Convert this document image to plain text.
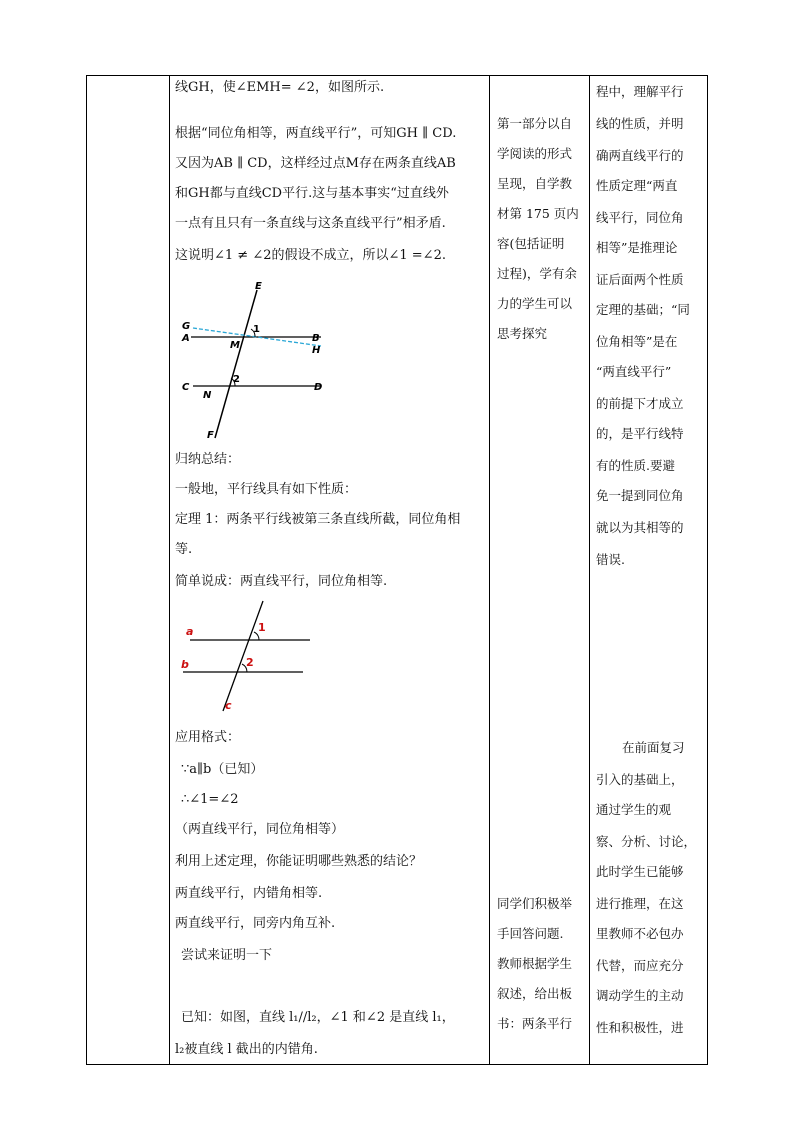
线GH，使∠EMH= ∠2，如图所示.
根据“同位角相等，两直线平行”，可知GH ∥ CD.
又因为AB ∥ CD，这样经过点M存在两条直线AB
和GH都与直线CD平行.这与基本事实“过直线外
一点有且只有一条直线与这条直线平行”相矛盾.
这说明∠1 ≠ ∠2的假设不成立，所以∠1 =∠2.
E
G
A
1
M
B
H
C
2
D
N
F
归纳总结：
一般地，平行线具有如下性质：
定理 1：两条平行线被第三条直线所截，同位角相
等.
简单说成：两直线平行，同位角相等.
a	1
b	2
c
应用格式：
∵a∥b（已知）
∴∠1=∠2
（两直线平行，同位角相等）
利用上述定理，你能证明哪些熟悉的结论？
两直线平行，内错角相等.
两直线平行，同旁内角互补.
尝试来证明一下
已知：如图，直线 l₁//l₂，∠1 和∠2 是直线 l₁，
l₂被直线 l 截出的内错角.
第一部分以自
学阅读的形式
呈现，自学教
材第 175 页内
容(包括证明
过程)，学有余
力的学生可以
思考探究
同学们积极举
手回答问题.
教师根据学生
叙述，给出板
书：两条平行
程中，理解平行
线的性质，并明
确两直线平行的
性质定理“两直
线平行，同位角
相等”是推理论
证后面两个性质
定理的基础；“同
位角相等”是在
“两直线平行”
的前提下才成立
的，是平行线特
有的性质.要避
免一提到同位角
就以为其相等的
错误.
在前面复习
引入的基础上，
通过学生的观
察、分析、讨论，
此时学生已能够
进行推理，在这
里教师不必包办
代替，而应充分
调动学生的主动
性和积极性，进
